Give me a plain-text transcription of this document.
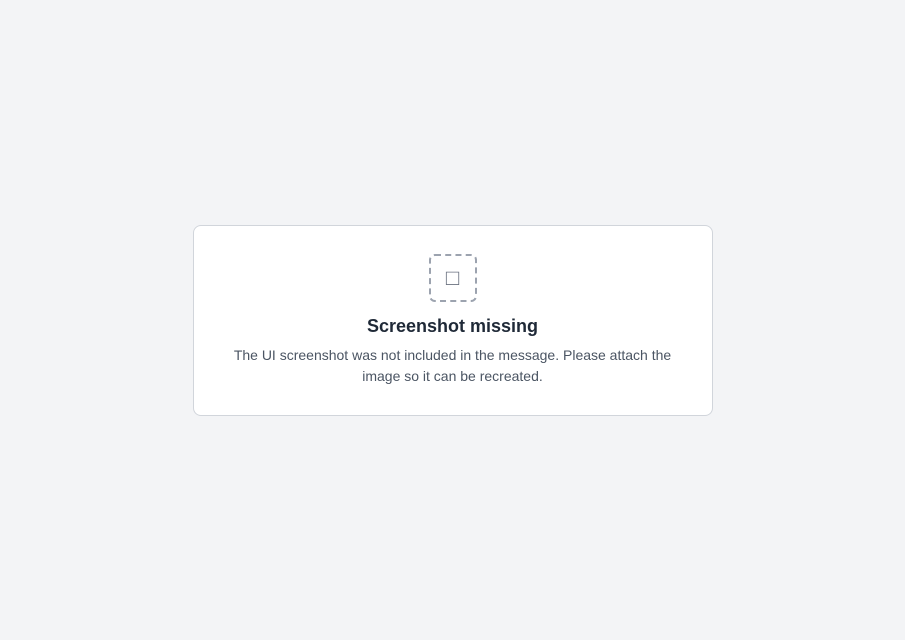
□
Screenshot missing
The UI screenshot was not included in the message. Please attach the image so it can be recreated.
